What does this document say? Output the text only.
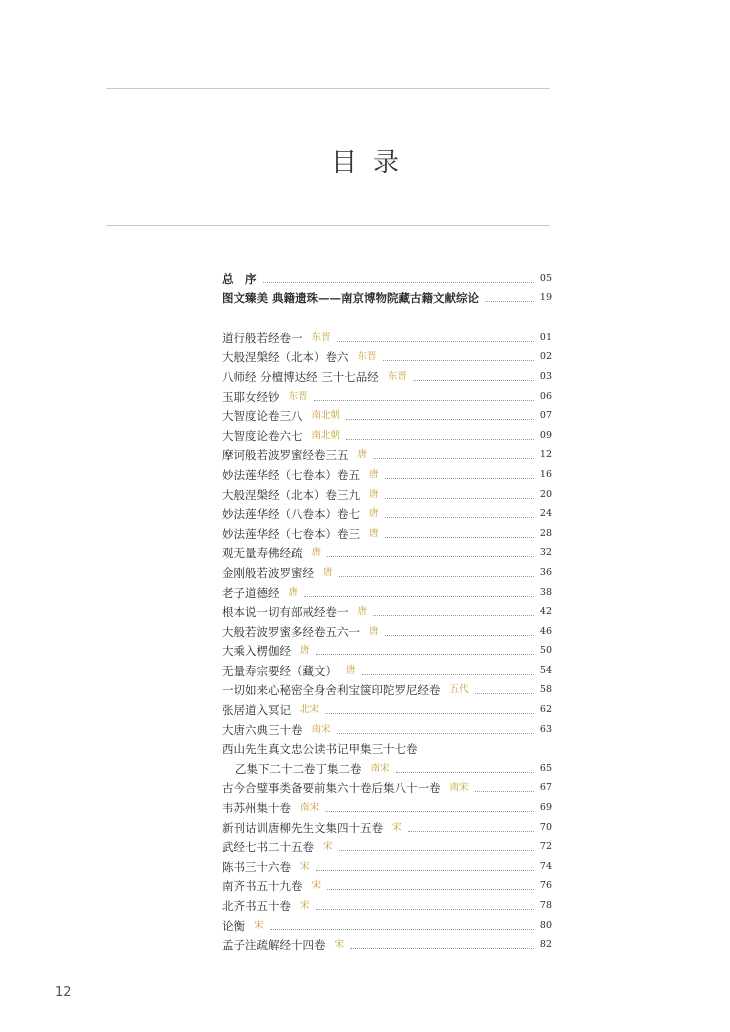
目录
总　序	05
图文臻美 典籍遗珠——南京博物院藏古籍文献综论	19
道行般若经卷一 东晋	01
大般涅槃经（北本）卷六 东晋	02
八师经 分檀博达经 三十七品经 东晋	03
玉耶女经钞 东晋	06
大智度论卷三八 南北朝	07
大智度论卷六七 南北朝	09
摩诃般若波罗蜜经卷三五 唐	12
妙法莲华经（七卷本）卷五 唐	16
大般涅槃经（北本）卷三九 唐	20
妙法莲华经（八卷本）卷七 唐	24
妙法莲华经（七卷本）卷三 唐	28
观无量寿佛经疏 唐	32
金刚般若波罗蜜经 唐	36
老子道德经 唐	38
根本说一切有部戒经卷一 唐	42
大般若波罗蜜多经卷五六一 唐	46
大乘入楞伽经 唐	50
无量寿宗要经（藏文） 唐	54
一切如来心秘密全身舍利宝箧印陀罗尼经卷 五代	58
张居道入冥记 北宋	62
大唐六典三十卷 南宋	63
西山先生真文忠公读书记甲集三十七卷
乙集下二十二卷丁集二卷 南宋	65
古今合璧事类备要前集六十卷后集八十一卷 南宋	67
韦苏州集十卷 南宋	69
新刊诂训唐柳先生文集四十五卷 宋	70
武经七书二十五卷 宋	72
陈书三十六卷 宋	74
南齐书五十九卷 宋	76
北齐书五十卷 宋	78
论衡 宋	80
孟子注疏解经十四卷 宋	82
12
